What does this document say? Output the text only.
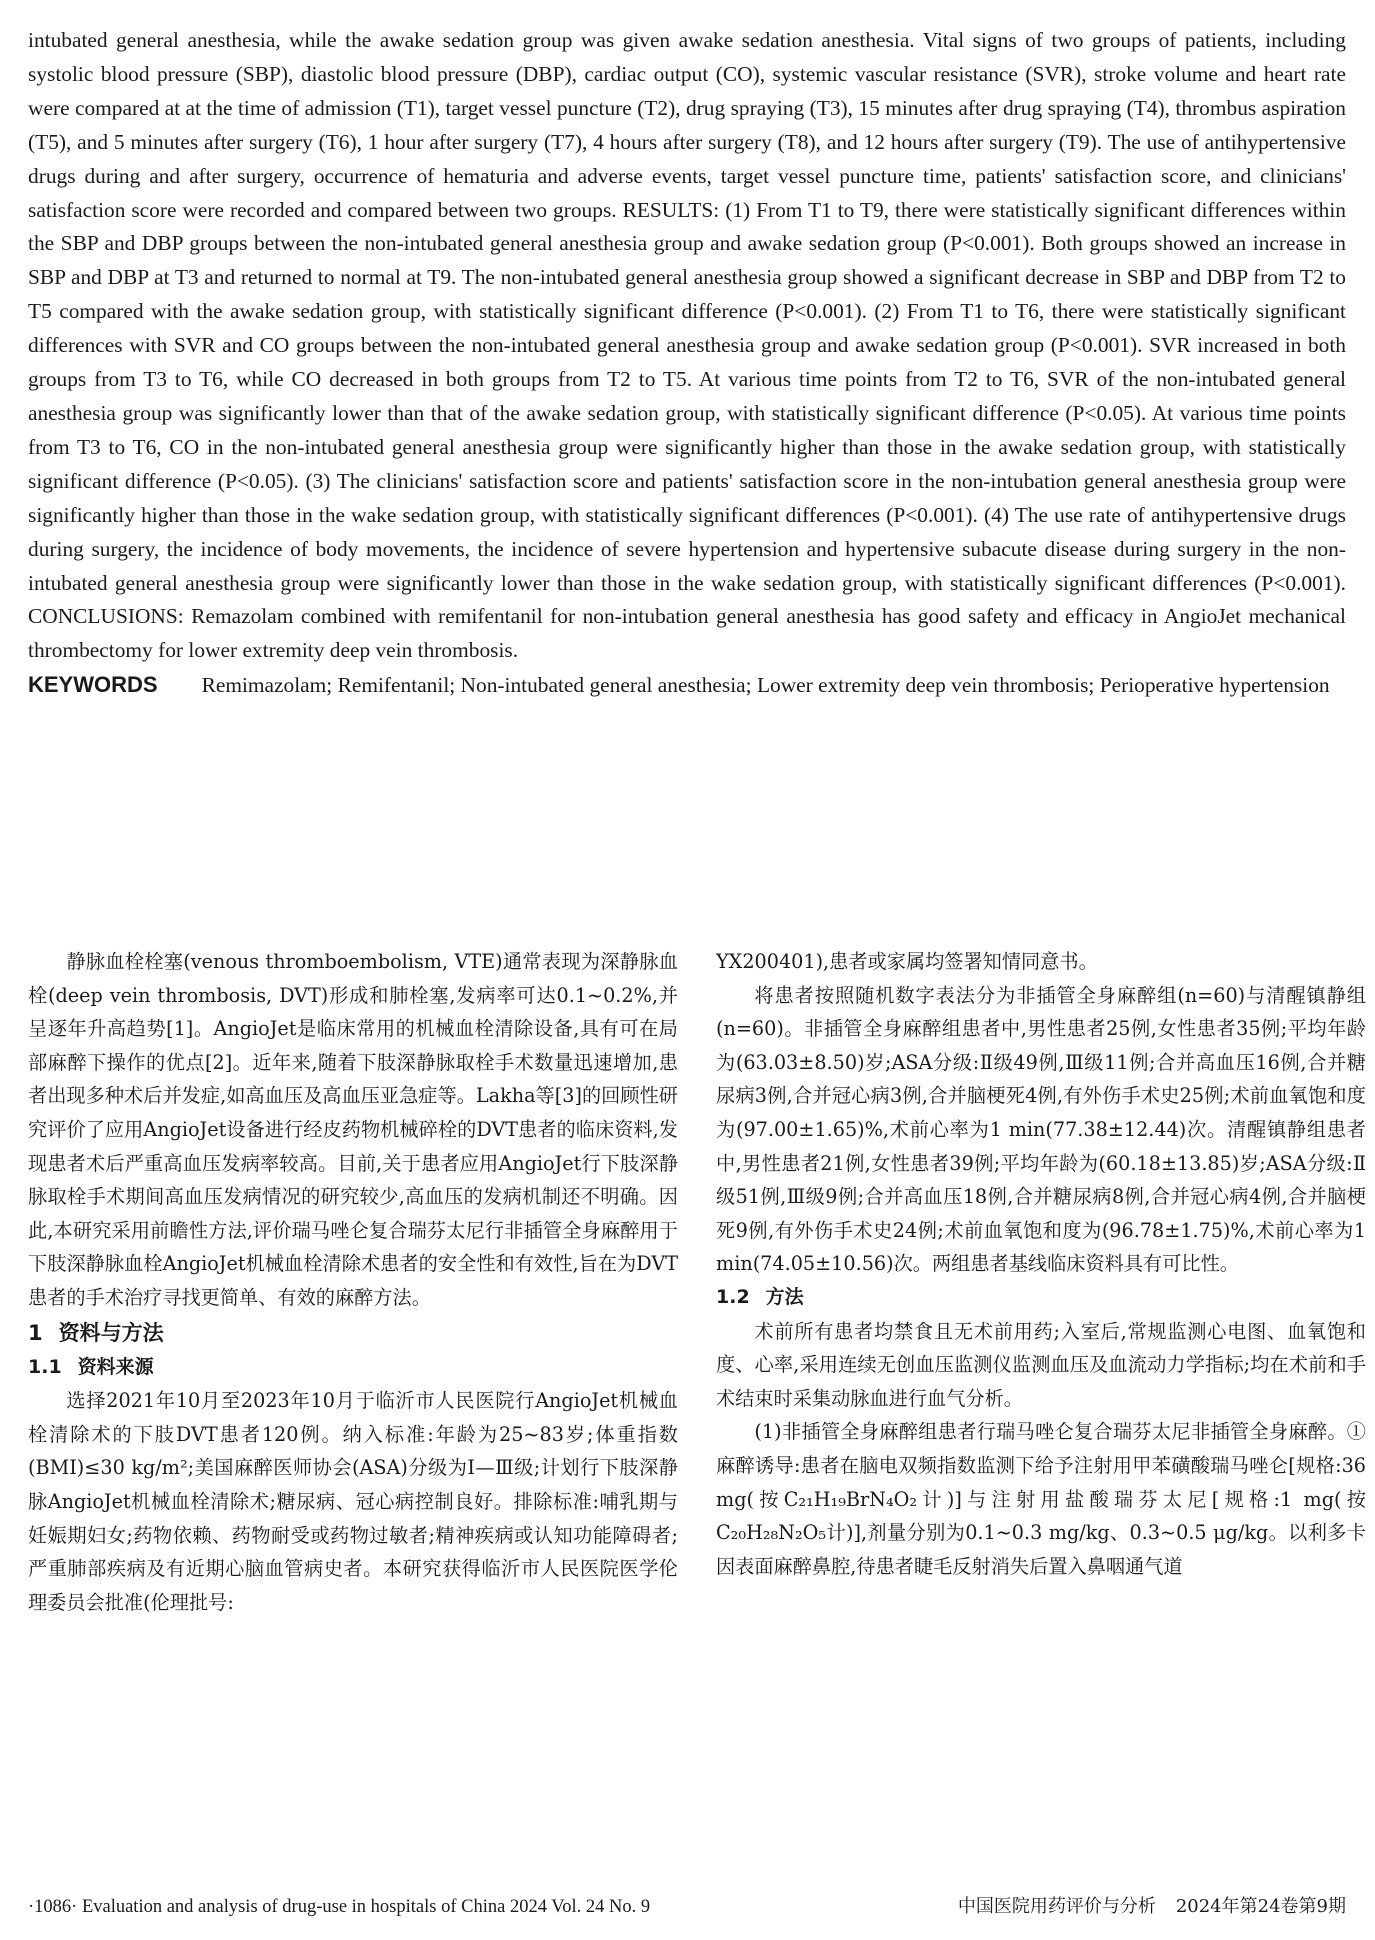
intubated general anesthesia, while the awake sedation group was given awake sedation anesthesia. Vital signs of two groups of patients, including systolic blood pressure (SBP), diastolic blood pressure (DBP), cardiac output (CO), systemic vascular resistance (SVR), stroke volume and heart rate were compared at at the time of admission (T1), target vessel puncture (T2), drug spraying (T3), 15 minutes after drug spraying (T4), thrombus aspiration (T5), and 5 minutes after surgery (T6), 1 hour after surgery (T7), 4 hours after surgery (T8), and 12 hours after surgery (T9). The use of antihypertensive drugs during and after surgery, occurrence of hematuria and adverse events, target vessel puncture time, patients' satisfaction score, and clinicians' satisfaction score were recorded and compared between two groups. RESULTS: (1) From T1 to T9, there were statistically significant differences within the SBP and DBP groups between the non-intubated general anesthesia group and awake sedation group (P<0.001). Both groups showed an increase in SBP and DBP at T3 and returned to normal at T9. The non-intubated general anesthesia group showed a significant decrease in SBP and DBP from T2 to T5 compared with the awake sedation group, with statistically significant difference (P<0.001). (2) From T1 to T6, there were statistically significant differences with SVR and CO groups between the non-intubated general anesthesia group and awake sedation group (P<0.001). SVR increased in both groups from T3 to T6, while CO decreased in both groups from T2 to T5. At various time points from T2 to T6, SVR of the non-intubated general anesthesia group was significantly lower than that of the awake sedation group, with statistically significant difference (P<0.05). At various time points from T3 to T6, CO in the non-intubated general anesthesia group were significantly higher than those in the awake sedation group, with statistically significant difference (P<0.05). (3) The clinicians' satisfaction score and patients' satisfaction score in the non-intubation general anesthesia group were significantly higher than those in the wake sedation group, with statistically significant differences (P<0.001). (4) The use rate of antihypertensive drugs during surgery, the incidence of body movements, the incidence of severe hypertension and hypertensive subacute disease during surgery in the non-intubated general anesthesia group were significantly lower than those in the wake sedation group, with statistically significant differences (P<0.001). CONCLUSIONS: Remazolam combined with remifentanil for non-intubation general anesthesia has good safety and efficacy in AngioJet mechanical thrombectomy for lower extremity deep vein thrombosis.
KEYWORDS Remimazolam; Remifentanil; Non-intubated general anesthesia; Lower extremity deep vein thrombosis; Perioperative hypertension

静脉血栓栓塞(venous thromboembolism, VTE)通常表现为深静脉血栓(deep vein thrombosis, DVT)形成和肺栓塞,发病率可达0.1~0.2%,并呈逐年升高趋势[1]。AngioJet是临床常用的机械血栓清除设备,具有可在局部麻醉下操作的优点[2]。近年来,随着下肢深静脉取栓手术数量迅速增加,患者出现多种术后并发症,如高血压及高血压亚急症等。Lakha等[3]的回顾性研究评价了应用AngioJet设备进行经皮药物机械碎栓的DVT患者的临床资料,发现患者术后严重高血压发病率较高。目前,关于患者应用AngioJet行下肢深静脉取栓手术期间高血压发病情况的研究较少,高血压的发病机制还不明确。因此,本研究采用前瞻性方法,评价瑞马唑仑复合瑞芬太尼行非插管全身麻醉用于下肢深静脉血栓AngioJet机械血栓清除术患者的安全性和有效性,旨在为DVT患者的手术治疗寻找更简单、有效的麻醉方法。

1 资料与方法
1.1 资料来源

选择2021年10月至2023年10月于临沂市人民医院行AngioJet机械血栓清除术的下肢DVT患者120例。纳入标准:年龄为25~83岁;体重指数(BMI)≤30 kg/m²;美国麻醉医师协会(ASA)分级为Ⅰ—Ⅲ级;计划行下肢深静脉AngioJet机械血栓清除术;糖尿病、冠心病控制良好。排除标准:哺乳期与妊娠期妇女;药物依赖、药物耐受或药物过敏者;精神疾病或认知功能障碍者;严重肺部疾病及有近期心脑血管病史者。本研究获得临沂市人民医院医学伦理委员会批准(伦理批号:

YX200401),患者或家属均签署知情同意书。

将患者按照随机数字表法分为非插管全身麻醉组(n=60)与清醒镇静组(n=60)。非插管全身麻醉组患者中,男性患者25例,女性患者35例;平均年龄为(63.03±8.50)岁;ASA分级:Ⅱ级49例,Ⅲ级11例;合并高血压16例,合并糖尿病3例,合并冠心病3例,合并脑梗死4例,有外伤手术史25例;术前血氧饱和度为(97.00±1.65)%,术前心率为1 min(77.38±12.44)次。清醒镇静组患者中,男性患者21例,女性患者39例;平均年龄为(60.18±13.85)岁;ASA分级:Ⅱ级51例,Ⅲ级9例;合并高血压18例,合并糖尿病8例,合并冠心病4例,合并脑梗死9例,有外伤手术史24例;术前血氧饱和度为(96.78±1.75)%,术前心率为1 min(74.05±10.56)次。两组患者基线临床资料具有可比性。

1.2 方法

术前所有患者均禁食且无术前用药;入室后,常规监测心电图、血氧饱和度、心率,采用连续无创血压监测仪监测血压及血流动力学指标;均在术前和手术结束时采集动脉血进行血气分析。

(1)非插管全身麻醉组患者行瑞马唑仑复合瑞芬太尼非插管全身麻醉。①麻醉诱导:患者在脑电双频指数监测下给予注射用甲苯磺酸瑞马唑仑[规格:36 mg(按C₂₁H₁₉BrN₄O₂计)]与注射用盐酸瑞芬太尼[规格:1 mg(按C₂₀H₂₈N₂O₅计)],剂量分别为0.1~0.3 mg/kg、0.3~0.5 μg/kg。以利多卡因表面麻醉鼻腔,待患者睫毛反射消失后置入鼻咽通气道

·1086· Evaluation and analysis of drug-use in hospitals of China 2024 Vol. 24 No. 9	中国医院用药评价与分析 2024年第24卷第9期
